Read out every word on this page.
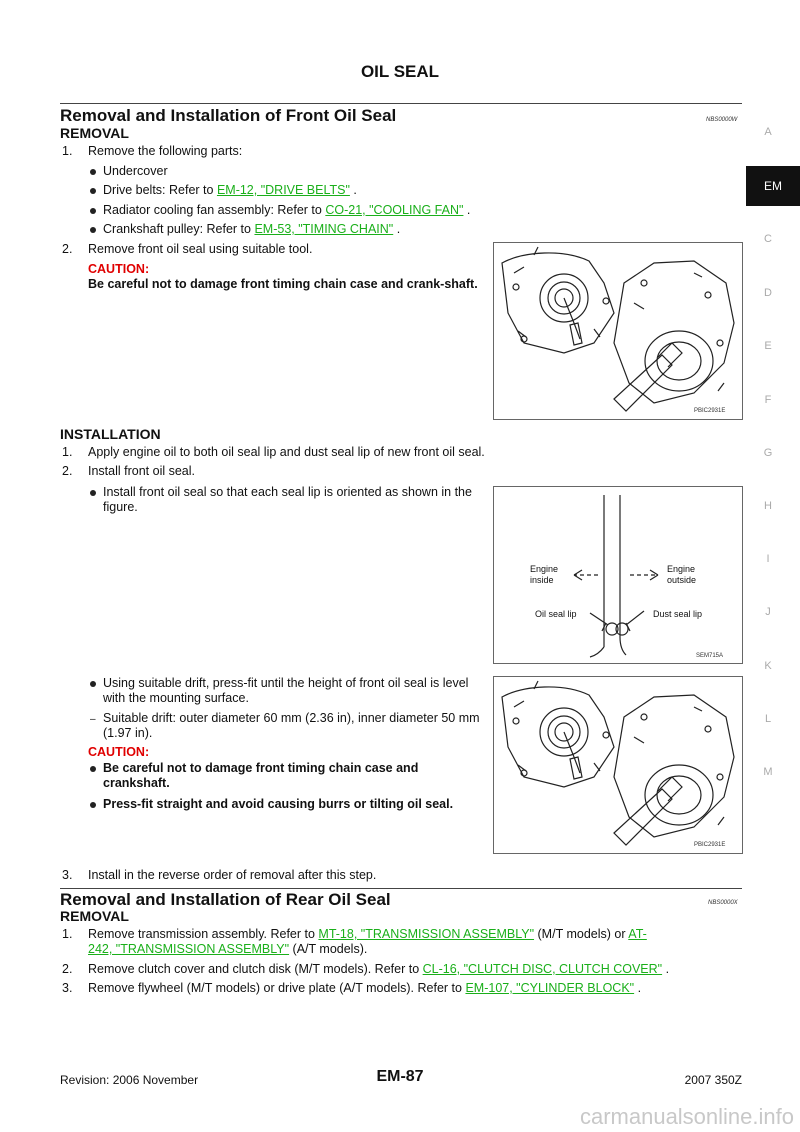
OIL SEAL
A
EM
C
D
E
F
G
H
I
J
K
L
M
Removal and Installation of Front Oil Seal	NBS0000W
REMOVAL
1. Remove the following parts:
Undercover
Drive belts: Refer to EM-12, "DRIVE BELTS" .
Radiator cooling fan assembly: Refer to CO-21, "COOLING FAN" .
Crankshaft pulley: Refer to EM-53, "TIMING CHAIN" .
2. Remove front oil seal using suitable tool.
CAUTION:
Be careful not to damage front timing chain case and crank-shaft.
PBIC2931E
INSTALLATION
1. Apply engine oil to both oil seal lip and dust seal lip of new front oil seal.
2. Install front oil seal.
Install front oil seal so that each seal lip is oriented as shown in the figure.
Engine inside
Engine outside
Oil seal lip	Dust seal lip
SEM715A
Using suitable drift, press-fit until the height of front oil seal is level with the mounting surface.
– Suitable drift: outer diameter 60 mm (2.36 in), inner diameter 50 mm (1.97 in).
CAUTION:
Be careful not to damage front timing chain case and crankshaft.
Press-fit straight and avoid causing burrs or tilting oil seal.
PBIC2931E
3. Install in the reverse order of removal after this step.
Removal and Installation of Rear Oil Seal	NBS0000X
REMOVAL
1. Remove transmission assembly. Refer to MT-18, "TRANSMISSION ASSEMBLY" (M/T models) or AT-
242, "TRANSMISSION ASSEMBLY" (A/T models).
2. Remove clutch cover and clutch disk (M/T models). Refer to CL-16, "CLUTCH DISC, CLUTCH COVER" .
3. Remove flywheel (M/T models) or drive plate (A/T models). Refer to EM-107, "CYLINDER BLOCK" .
Revision: 2006 November	EM-87	2007 350Z
carmanualsonline.info
